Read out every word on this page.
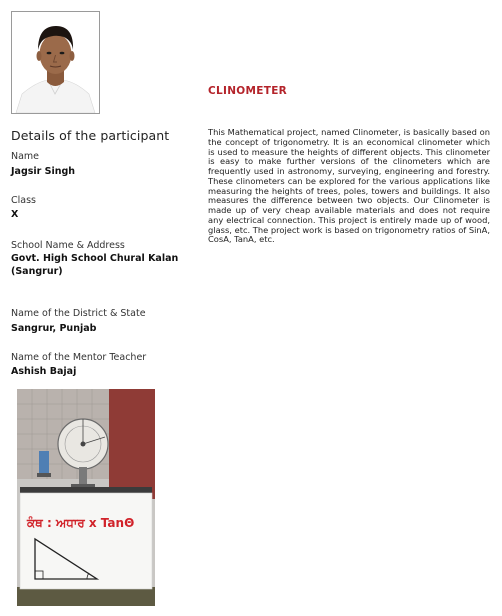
CLINOMETER
Details of the participant
Name
Jagsir Singh
Class
X
School Name & Address
Govt. High School Chural Kalan
(Sangrur)
Name of the District & State
Sangrur, Punjab
Name of the Mentor Teacher
Ashish Bajaj
This Mathematical project, named Clinometer, is basically based on the concept of trigonometry. It is an economical clinometer which is used to measure the heights of different objects. This clinometer is easy to make further versions of the clinometers which are frequently used in astronomy, surveying, engineering and forestry. These clinometers can be explored for the various applications like measuring the heights of trees, poles, towers and buildings. It also measures the difference between two objects. Our Clinometer is made up of very cheap available materials and does not require any electrical connection. This project is entirely made up of wood, glass, etc. The project work is based on trigonometry ratios of SinA, CosA, TanA, etc.
ਕੰਥ : ਅਧਾਰ x TanΘ
